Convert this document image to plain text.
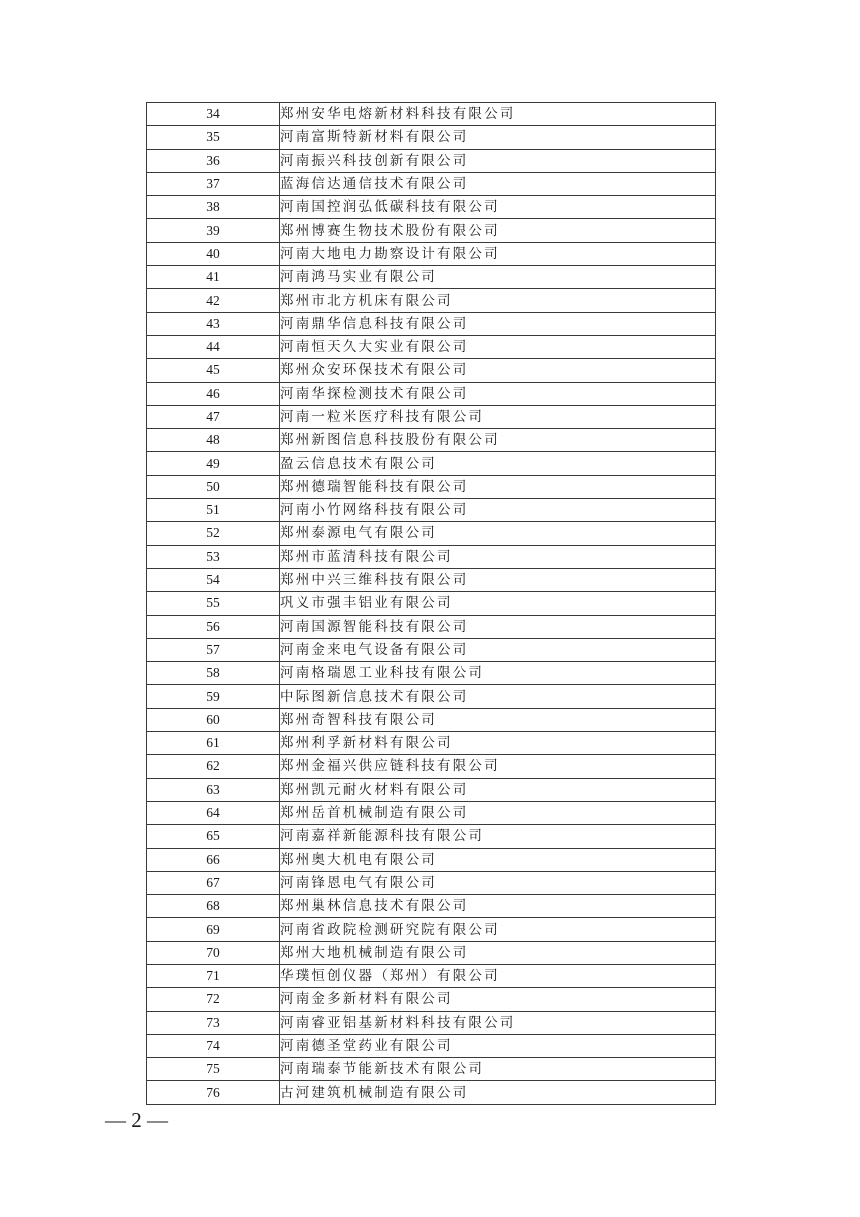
34	郑州安华电熔新材料科技有限公司
35	河南富斯特新材料有限公司
36	河南振兴科技创新有限公司
37	蓝海信达通信技术有限公司
38	河南国控润弘低碳科技有限公司
39	郑州博赛生物技术股份有限公司
40	河南大地电力勘察设计有限公司
41	河南鸿马实业有限公司
42	郑州市北方机床有限公司
43	河南鼎华信息科技有限公司
44	河南恒天久大实业有限公司
45	郑州众安环保技术有限公司
46	河南华探检测技术有限公司
47	河南一粒米医疗科技有限公司
48	郑州新图信息科技股份有限公司
49	盈云信息技术有限公司
50	郑州德瑞智能科技有限公司
51	河南小竹网络科技有限公司
52	郑州泰源电气有限公司
53	郑州市蓝清科技有限公司
54	郑州中兴三维科技有限公司
55	巩义市强丰铝业有限公司
56	河南国源智能科技有限公司
57	河南金来电气设备有限公司
58	河南格瑞恩工业科技有限公司
59	中际图新信息技术有限公司
60	郑州奇智科技有限公司
61	郑州利孚新材料有限公司
62	郑州金福兴供应链科技有限公司
63	郑州凯元耐火材料有限公司
64	郑州岳首机械制造有限公司
65	河南嘉祥新能源科技有限公司
66	郑州奥大机电有限公司
67	河南锋恩电气有限公司
68	郑州巢林信息技术有限公司
69	河南省政院检测研究院有限公司
70	郑州大地机械制造有限公司
71	华璞恒创仪器（郑州）有限公司
72	河南金多新材料有限公司
73	河南睿亚铝基新材料科技有限公司
74	河南德圣堂药业有限公司
75	河南瑞泰节能新技术有限公司
76	古河建筑机械制造有限公司
— 2 —
